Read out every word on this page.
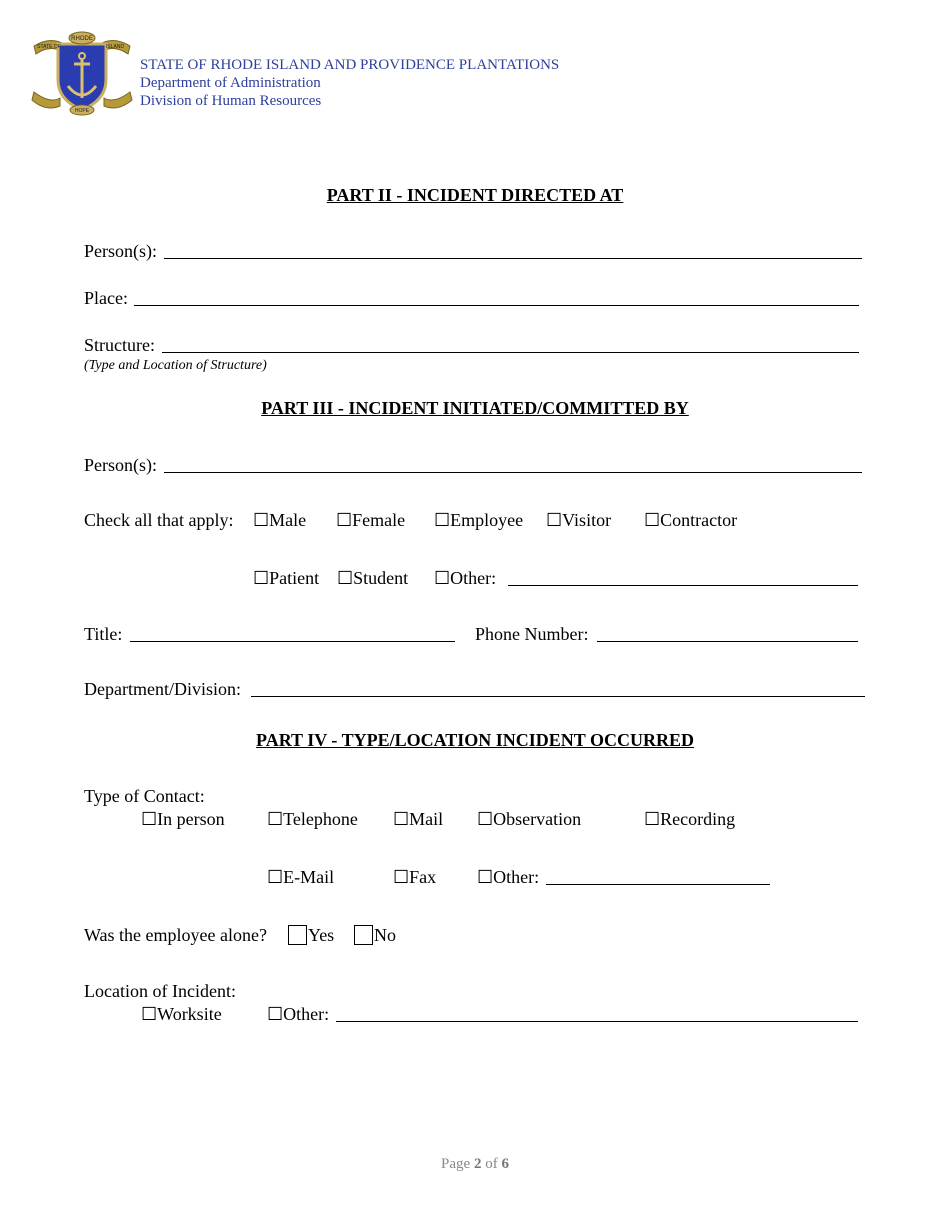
RHODE
STATE OF	ISLAND
HOPE
STATE OF RHODE ISLAND AND PROVIDENCE PLANTATIONS
Department of Administration
Division of Human Resources
PART II - INCIDENT DIRECTED AT
Person(s):
Place:
Structure:
(Type and Location of Structure)
PART III - INCIDENT INITIATED/COMMITTED BY
Person(s):
Check all that apply:	☐ Male	☐ Female	☐ Employee	☐ Visitor	☐ Contractor
☐ Patient	☐ Student	☐ Other:
Title:	Phone Number:
Department/Division:
PART IV - TYPE/LOCATION INCIDENT OCCURRED
Type of Contact:
☐ In person	☐ Telephone	☐ Mail	☐ Observation	☐ Recording
☐ E-Mail	☐ Fax	☐ Other:
Was the employee alone?	Yes	No
Location of Incident:
☐ Worksite	☐ Other:
Page 2 of 6
